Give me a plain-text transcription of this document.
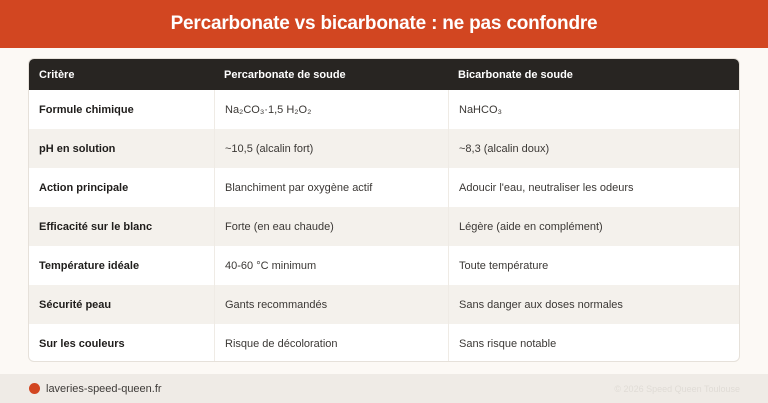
Percarbonate vs bicarbonate : ne pas confondre
Critère	Percarbonate de soude	Bicarbonate de soude
Formule chimique	Na₂CO₃·1,5 H₂O₂	NaHCO₃
pH en solution	~10,5 (alcalin fort)	~8,3 (alcalin doux)
Action principale	Blanchiment par oxygène actif	Adoucir l'eau, neutraliser les odeurs
Efficacité sur le blanc	Forte (en eau chaude)	Légère (aide en complément)
Température idéale	40-60 °C minimum	Toute température
Sécurité peau	Gants recommandés	Sans danger aux doses normales
Sur les couleurs	Risque de décoloration	Sans risque notable
laveries-speed-queen.fr	© 2026 Speed Queen Toulouse
